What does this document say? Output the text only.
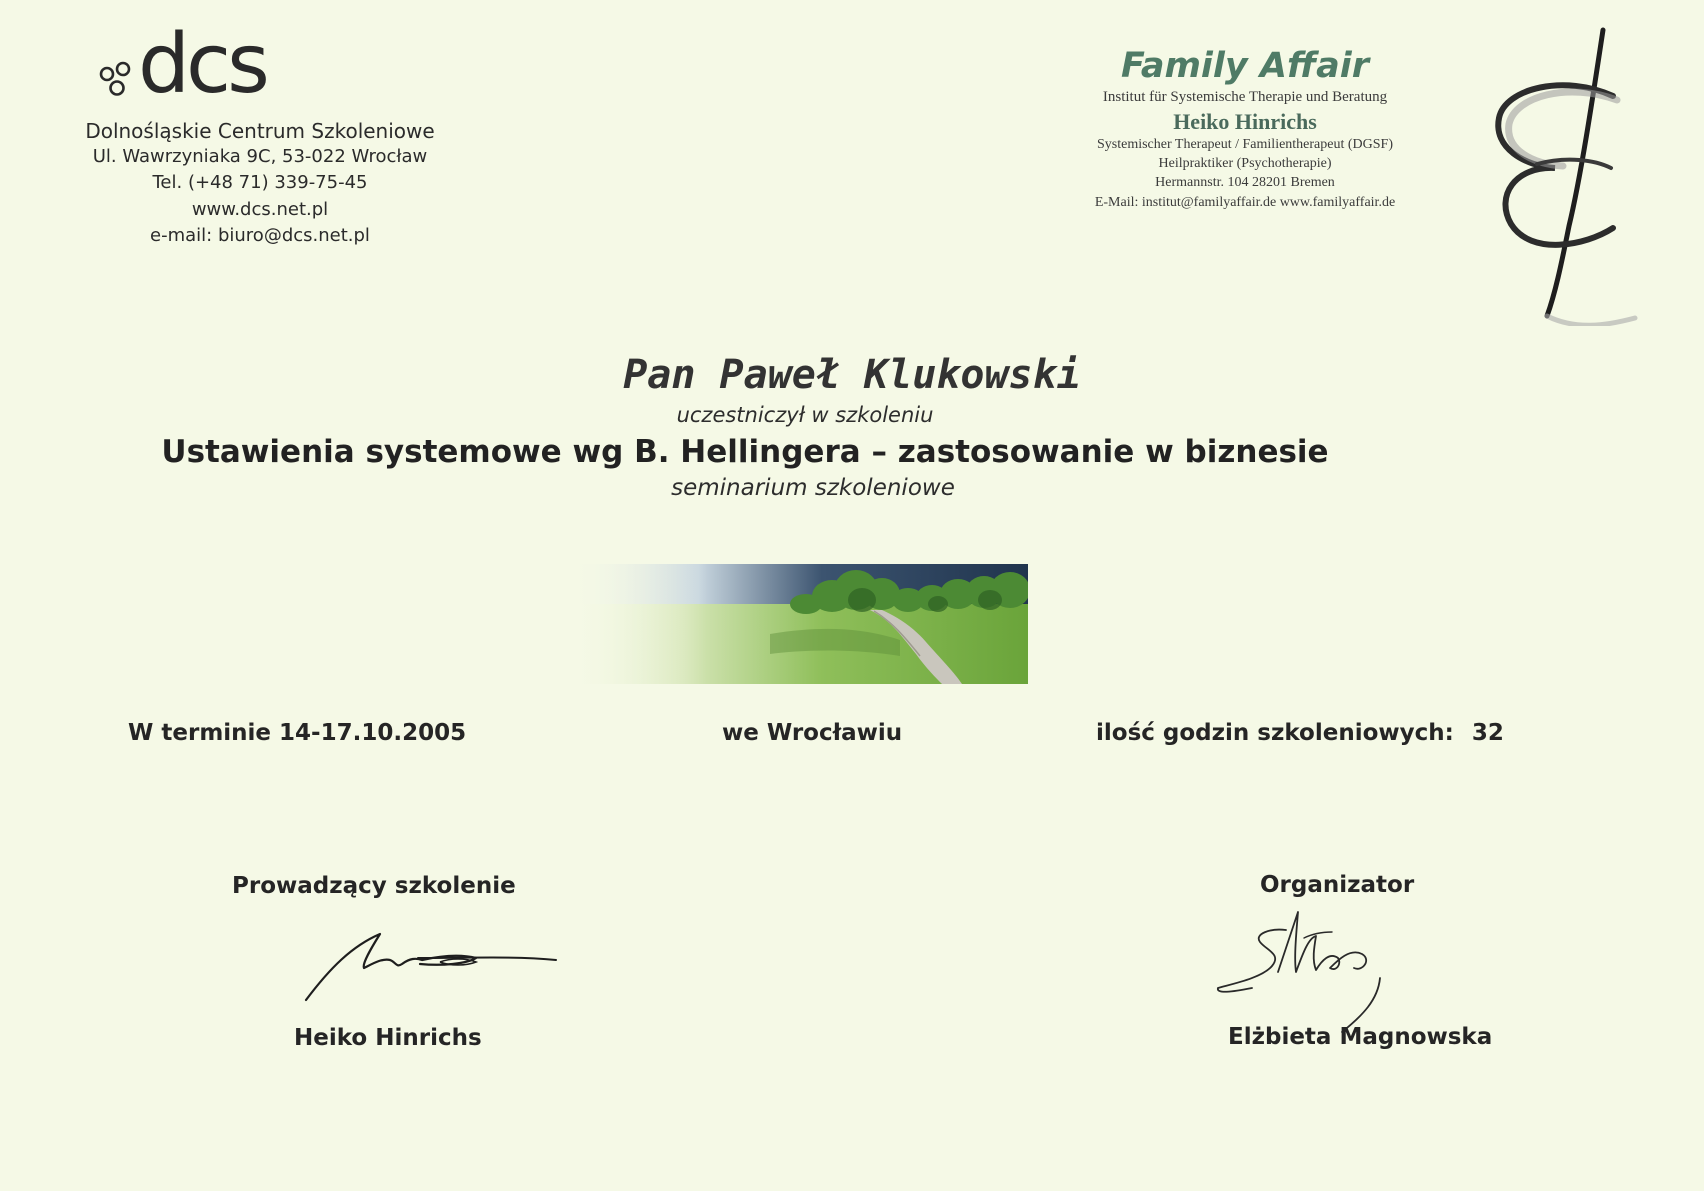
dcs
Dolnośląskie Centrum Szkoleniowe
Ul. Wawrzyniaka 9C, 53-022 Wrocław
Tel. (+48 71) 339-75-45
www.dcs.net.pl
e-mail: biuro@dcs.net.pl
Family Affair
Institut für Systemische Therapie und Beratung
Heiko Hinrichs
Systemischer Therapeut / Familientherapeut (DGSF)
Heilpraktiker (Psychotherapie)
Hermannstr. 104 28201 Bremen
E-Mail: institut@familyaffair.de www.familyaffair.de
Pan Paweł Klukowski
uczestniczył w szkoleniu
Ustawienia systemowe wg B. Hellingera – zastosowanie w biznesie
seminarium szkoleniowe
W terminie 14-17.10.2005	we Wrocławiu	ilość godzin szkoleniowych: 32
Prowadzący szkolenie
Heiko Hinrichs
Organizator
Elżbieta Magnowska
